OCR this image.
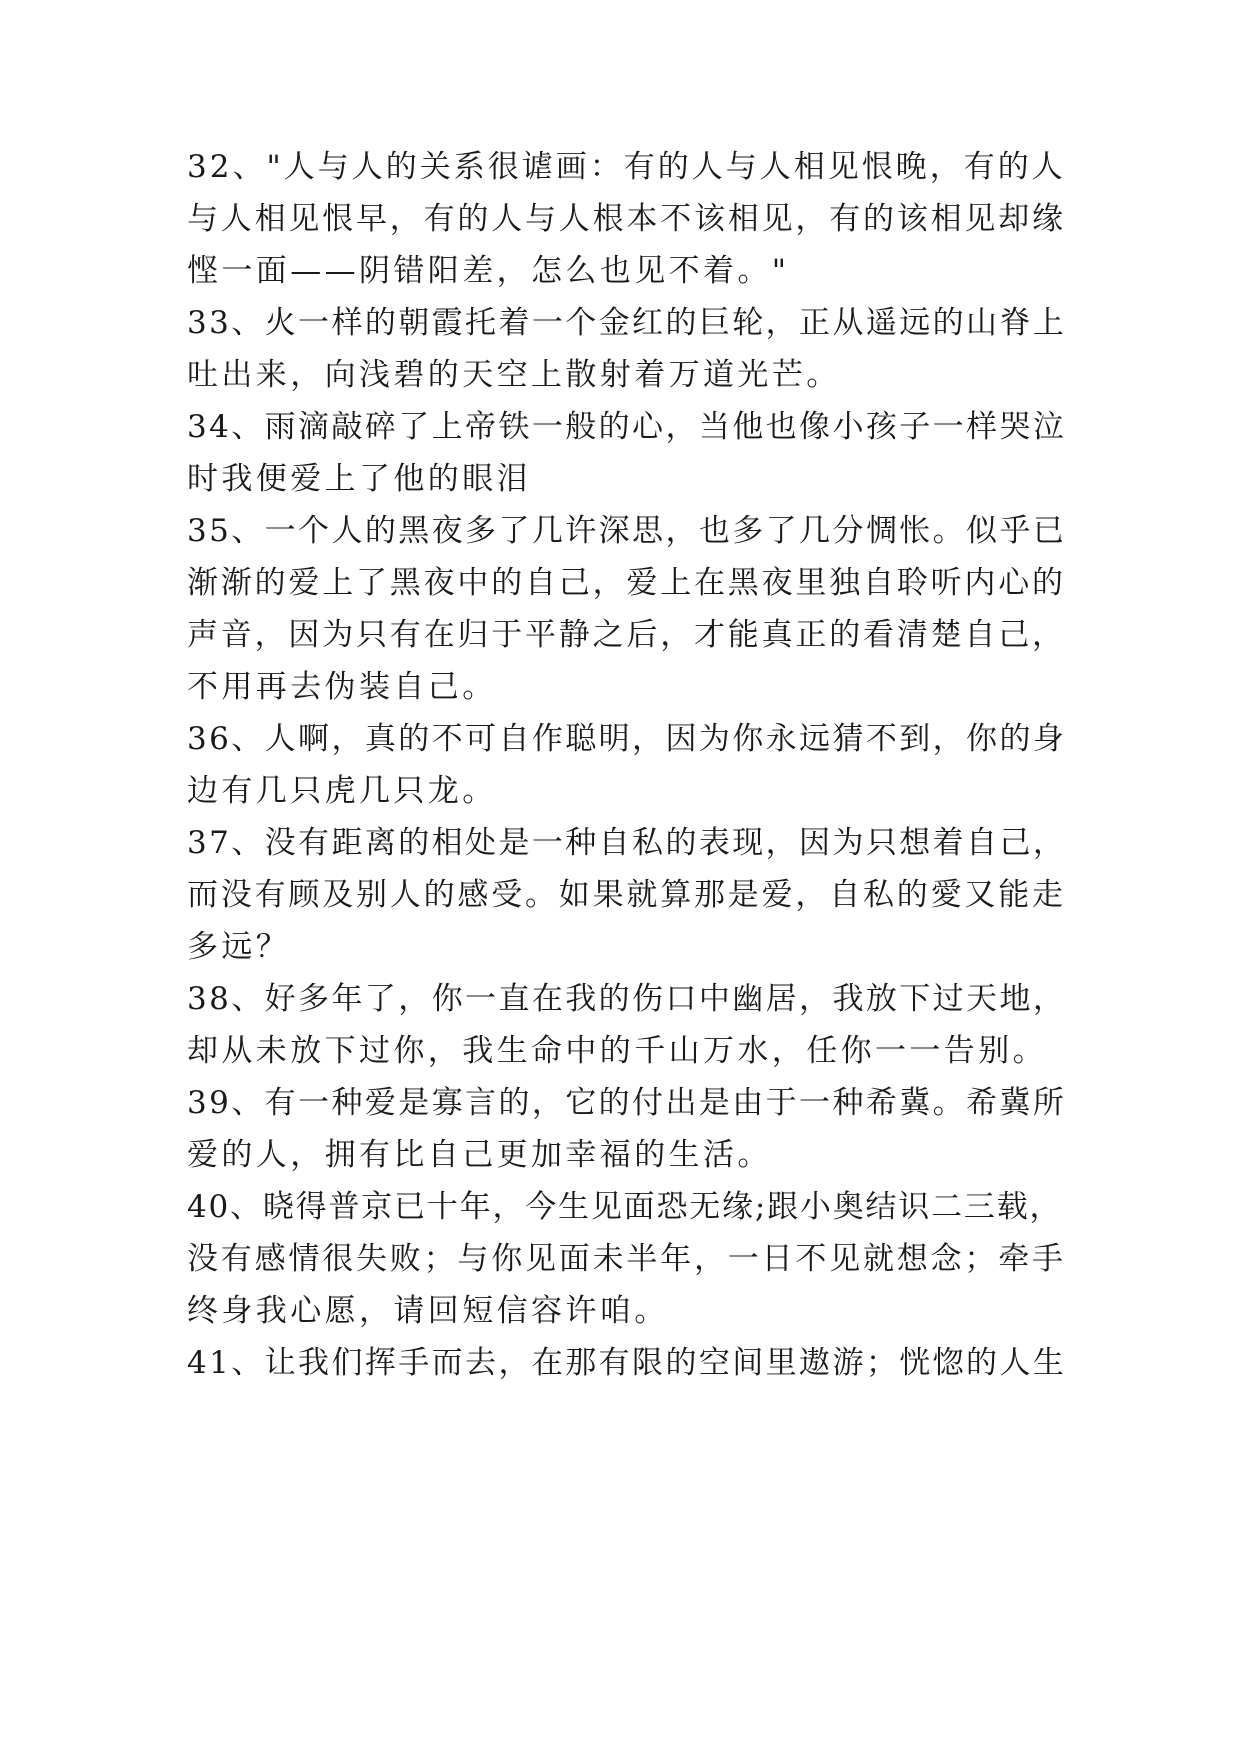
32、"人与人的关系很谑画：有的人与人相见恨晚，有的人
与人相见恨早，有的人与人根本不该相见，有的该相见却缘
悭一面——阴错阳差，怎么也见不着。"
33、火一样的朝霞托着一个金红的巨轮，正从遥远的山脊上
吐出来，向浅碧的天空上散射着万道光芒。
34、雨滴敲碎了上帝铁一般的心，当他也像小孩子一样哭泣
时我便爱上了他的眼泪
35、一个人的黑夜多了几许深思，也多了几分惆怅。似乎已
渐渐的爱上了黑夜中的自己，爱上在黑夜里独自聆听内心的
声音，因为只有在归于平静之后，才能真正的看清楚自己，
不用再去伪装自己。
36、人啊，真的不可自作聪明，因为你永远猜不到，你的身
边有几只虎几只龙。
37、没有距离的相处是一种自私的表现，因为只想着自己，
而没有顾及别人的感受。如果就算那是爱，自私的愛又能走
多远？
38、好多年了，你一直在我的伤口中幽居，我放下过天地，
却从未放下过你，我生命中的千山万水，任你一一告别。
39、有一种爱是寡言的，它的付出是由于一种希冀。希冀所
爱的人，拥有比自己更加幸福的生活。
40、晓得普京已十年，今生见面恐无缘;跟小奥结识二三载，
没有感情很失败；与你见面未半年，一日不见就想念；牵手
终身我心愿，请回短信容许咱。
41、让我们挥手而去，在那有限的空间里遨游；恍惚的人生
